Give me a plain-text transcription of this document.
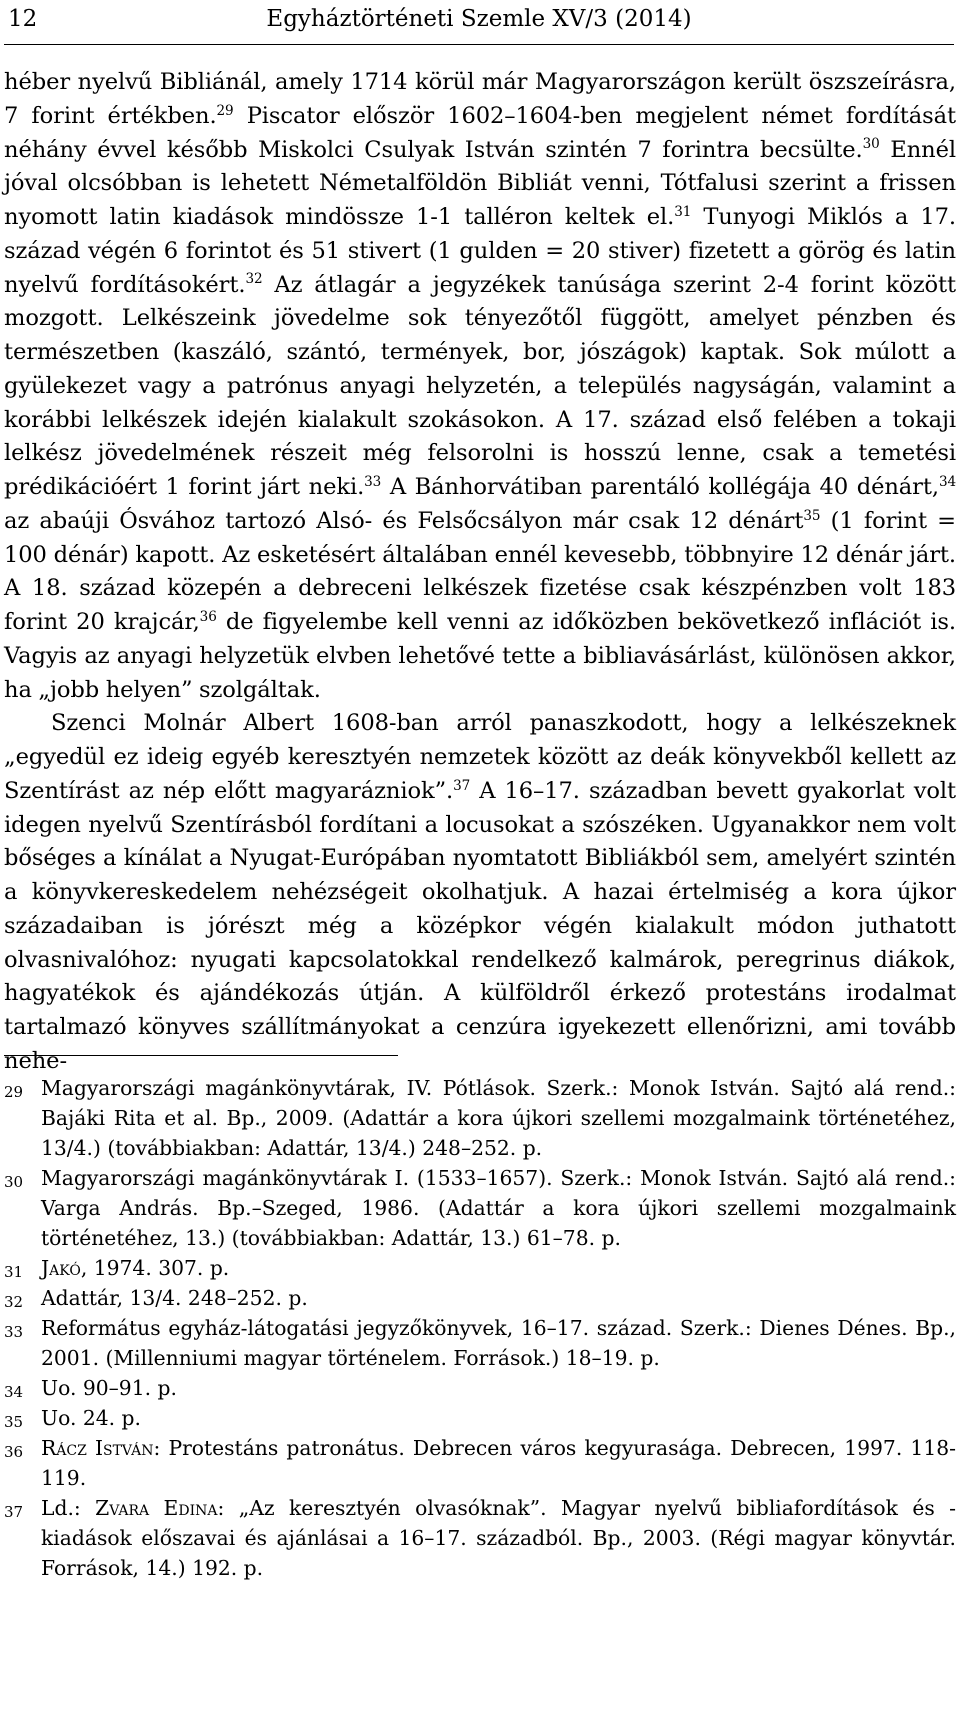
12	Egyháztörténeti Szemle XV/3 (2014)

héber nyelvű Bibliánál, amely 1714 körül már Magyarországon került öszszeírásra, 7 forint értékben.$^{29}$ Piscator először 1602–1604-ben megjelent német fordítását néhány évvel később Miskolci Csulyak István szintén 7 forintra becsülte.$^{30}$ Ennél jóval olcsóbban is lehetett Németalföldön Bibliát venni, Tótfalusi szerint a frissen nyomott latin kiadások mindössze 1-1 talléron keltek el.$^{31}$ Tunyogi Miklós a 17. század végén 6 forintot és 51 stivert (1 gulden = 20 stiver) fizetett a görög és latin nyelvű fordításokért.$^{32}$ Az átlagár a jegyzékek tanúsága szerint 2-4 forint között mozgott. Lelkészeink jövedelme sok tényezőtől függött, amelyet pénzben és természetben (kaszáló, szántó, termények, bor, jószágok) kaptak. Sok múlott a gyülekezet vagy a patrónus anyagi helyzetén, a település nagyságán, valamint a korábbi lelkészek idején kialakult szokásokon. A 17. század első felében a tokaji lelkész jövedelmének részeit még felsorolni is hosszú lenne, csak a temetési prédikációért 1 forint járt neki.$^{33}$ A Bánhorvátiban parentáló kollégája 40 dénárt,$^{34}$ az abaúji Ósvához tartozó Alsó- és Felsőcsályon már csak 12 dénárt$^{35}$ (1 forint = 100 dénár) kapott. Az esketésért általában ennél kevesebb, többnyire 12 dénár járt. A 18. század közepén a debreceni lelkészek fizetése csak készpénzben volt 183 forint 20 krajcár,$^{36}$ de figyelembe kell venni az időközben bekövetkező inflációt is. Vagyis az anyagi helyzetük elvben lehetővé tette a bibliavásárlást, különösen akkor, ha „jobb helyen” szolgáltak.

Szenci Molnár Albert 1608-ban arról panaszkodott, hogy a lelkészeknek „egyedül ez ideig egyéb keresztyén nemzetek között az deák könyvekből kellett az Szentírást az nép előtt magyarázniok”.$^{37}$ A 16–17. században bevett gyakorlat volt idegen nyelvű Szentírásból fordítani a locusokat a szószéken. Ugyanakkor nem volt bőséges a kínálat a Nyugat-Európában nyomtatott Bibliákból sem, amelyért szintén a könyvkereskedelem nehézségeit okolhatjuk. A hazai értelmiség a kora újkor századaiban is jórészt még a középkor végén kialakult módon juthatott olvasnivalóhoz: nyugati kapcsolatokkal rendelkező kalmárok, peregrinus diákok, hagyatékok és ajándékozás útján. A külföldről érkező protestáns irodalmat tartalmazó könyves szállítmányokat a cenzúra igyekezett ellenőrizni, ami tovább nehe-

29 Magyarországi magánkönyvtárak, IV. Pótlások. Szerk.: Monok István. Sajtó alá rend.: Bajáki Rita et al. Bp., 2009. (Adattár a kora újkori szellemi mozgalmaink történetéhez, 13/4.) (továbbiakban: Adattár, 13/4.) 248–252. p.
30 Magyarországi magánkönyvtárak I. (1533–1657). Szerk.: Monok István. Sajtó alá rend.: Varga András. Bp.–Szeged, 1986. (Adattár a kora újkori szellemi mozgalmaink történetéhez, 13.) (továbbiakban: Adattár, 13.) 61–78. p.
31 Jakó, 1974. 307. p.
32 Adattár, 13/4. 248–252. p.
33 Református egyház-látogatási jegyzőkönyvek, 16–17. század. Szerk.: Dienes Dénes. Bp., 2001. (Millenniumi magyar történelem. Források.) 18–19. p.
34 Uo. 90–91. p.
35 Uo. 24. p.
36 Rácz István: Protestáns patronátus. Debrecen város kegyurasága. Debrecen, 1997. 118-119.
37 Ld.: Zvara Edina: „Az keresztyén olvasóknak”. Magyar nyelvű bibliafordítások és -kiadások előszavai és ajánlásai a 16–17. századból. Bp., 2003. (Régi magyar könyvtár. Források, 14.) 192. p.
